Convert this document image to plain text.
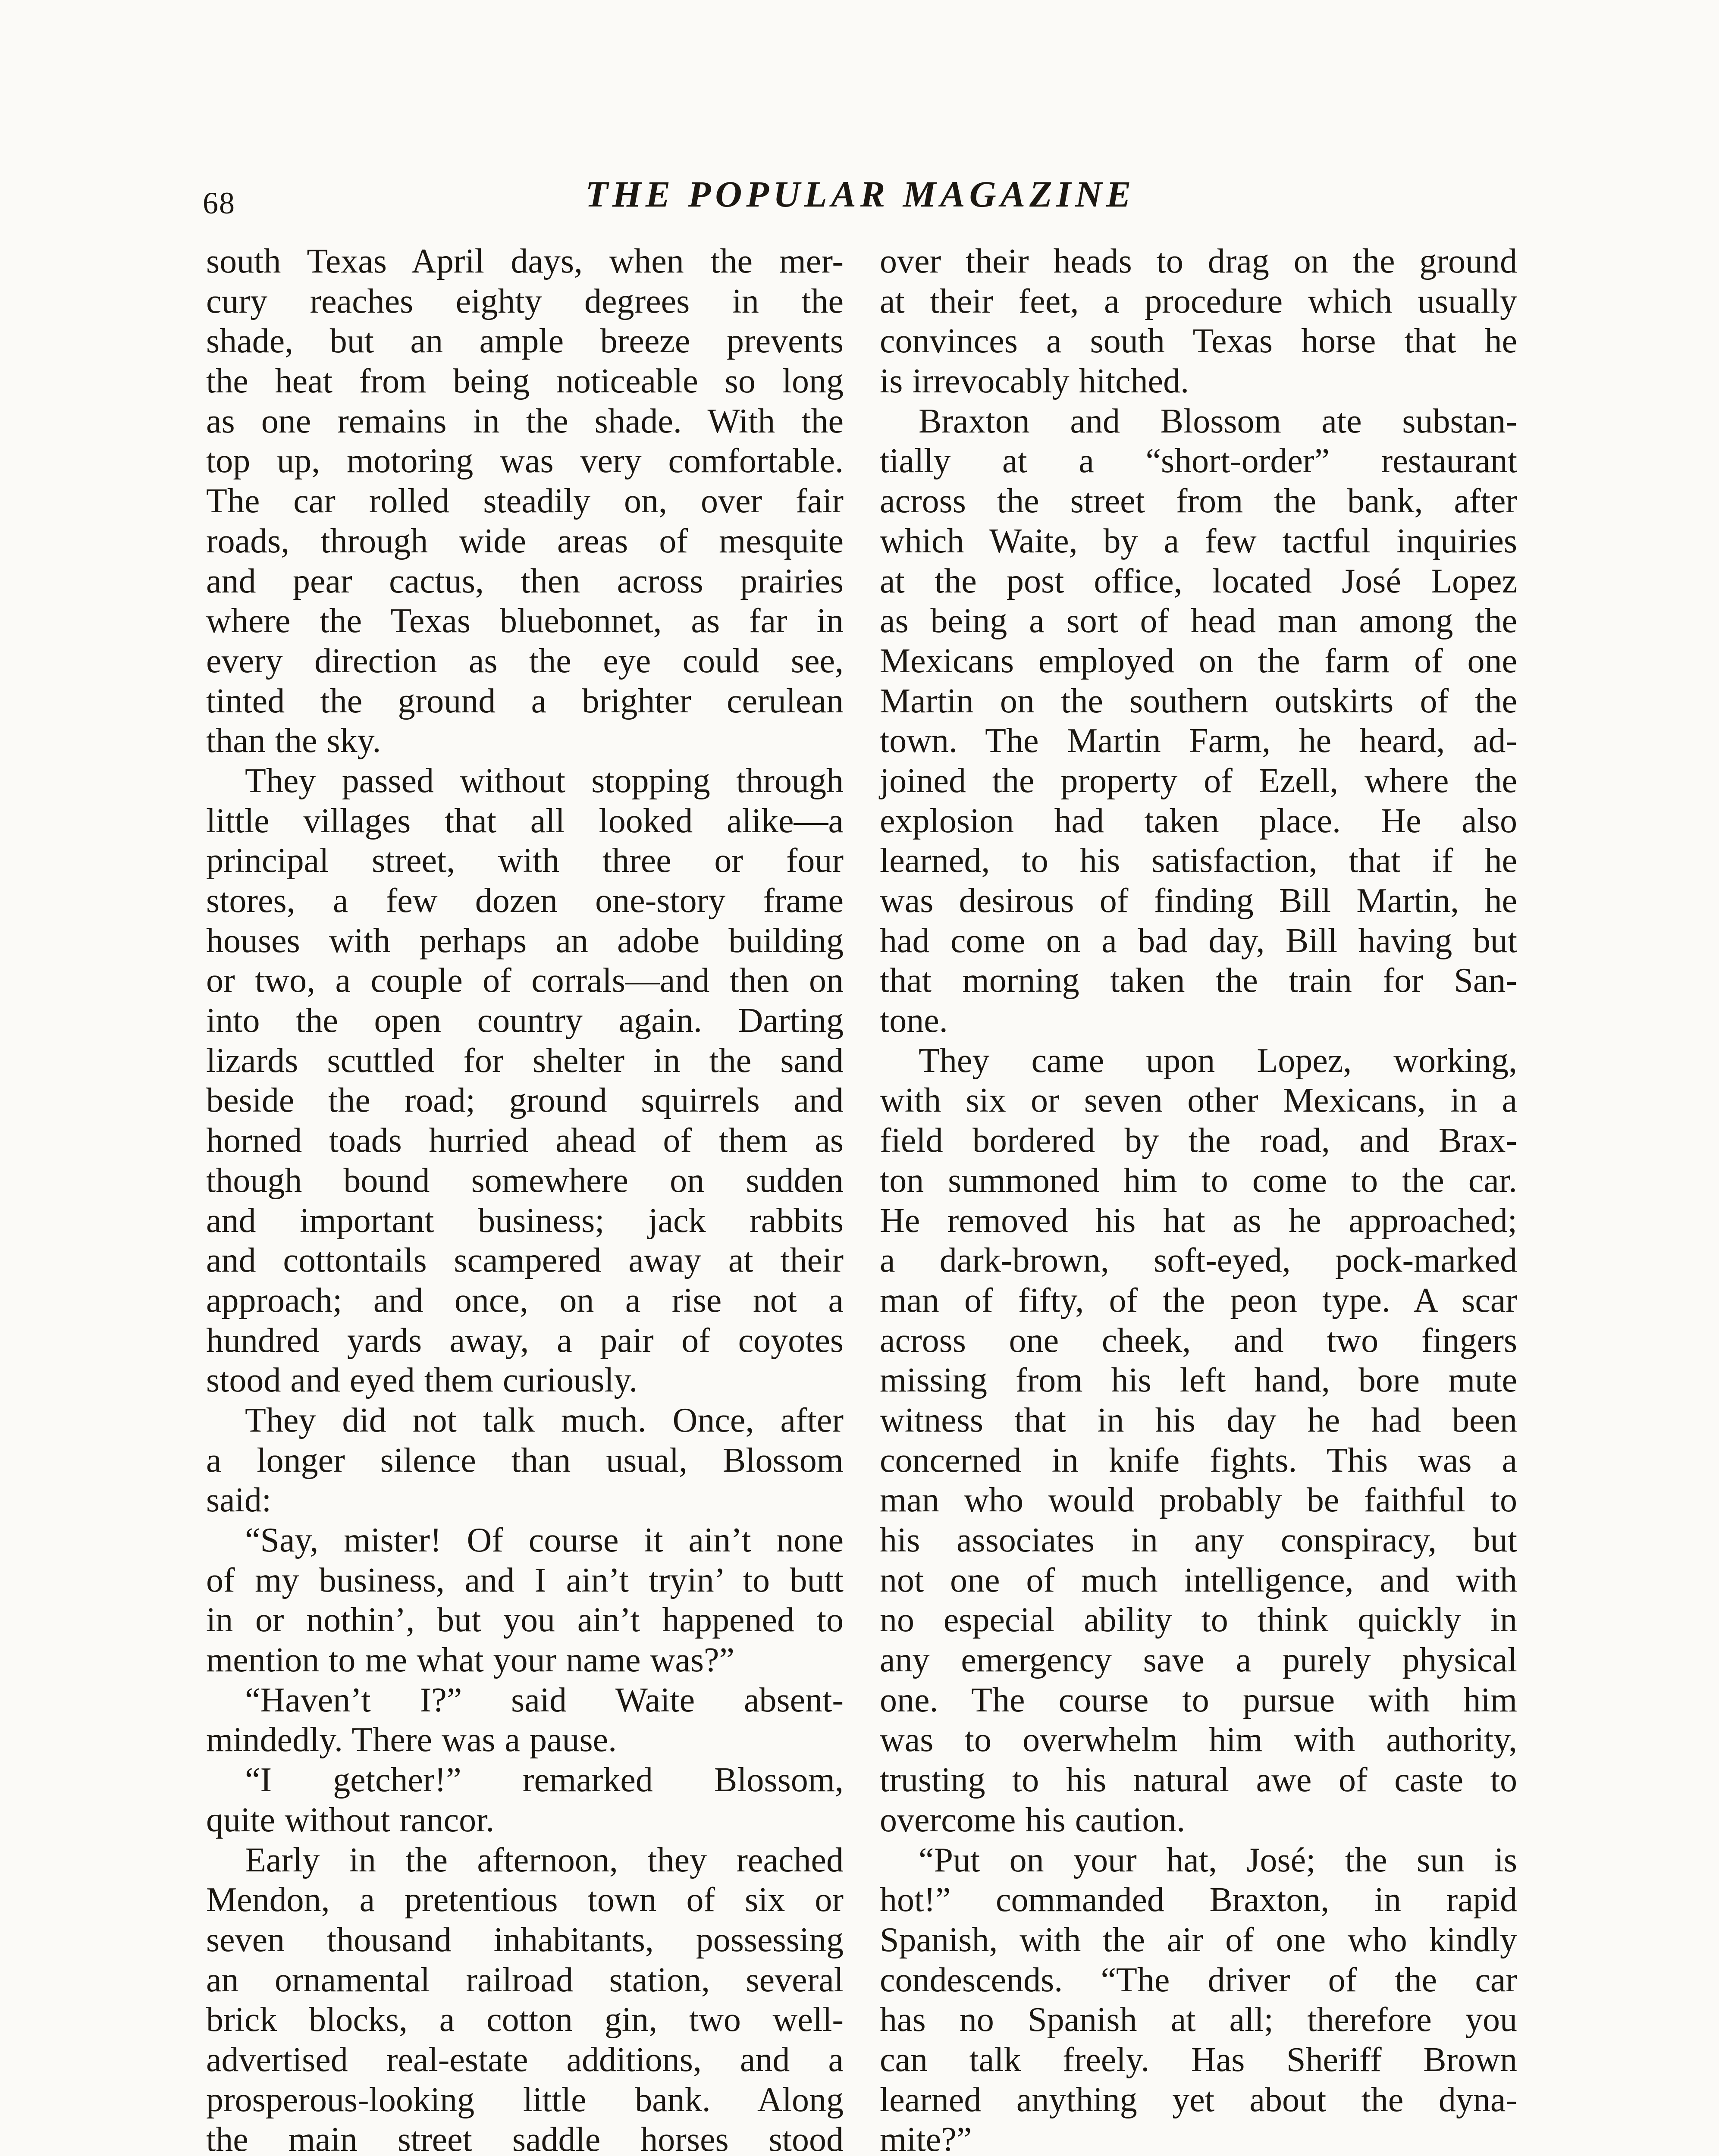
68	THE POPULAR MAGAZINE
south Texas April days, when the mer-
cury reaches eighty degrees in the
shade, but an ample breeze prevents
the heat from being noticeable so long
as one remains in the shade. With the
top up, motoring was very comfortable.
The car rolled steadily on, over fair
roads, through wide areas of mesquite
and pear cactus, then across prairies
where the Texas bluebonnet, as far in
every direction as the eye could see,
tinted the ground a brighter cerulean
than the sky.
They passed without stopping through
little villages that all looked alike—a
principal street, with three or four
stores, a few dozen one-story frame
houses with perhaps an adobe building
or two, a couple of corrals—and then on
into the open country again. Darting
lizards scuttled for shelter in the sand
beside the road; ground squirrels and
horned toads hurried ahead of them as
though bound somewhere on sudden
and important business; jack rabbits
and cottontails scampered away at their
approach; and once, on a rise not a
hundred yards away, a pair of coyotes
stood and eyed them curiously.
They did not talk much. Once, after
a longer silence than usual, Blossom
said:
“Say, mister! Of course it ain’t none
of my business, and I ain’t tryin’ to butt
in or nothin’, but you ain’t happened to
mention to me what your name was?”
“Haven’t I?” said Waite absent-
mindedly. There was a pause.
“I getcher!” remarked Blossom,
quite without rancor.
Early in the afternoon, they reached
Mendon, a pretentious town of six or
seven thousand inhabitants, possessing
an ornamental railroad station, several
brick blocks, a cotton gin, two well-
advertised real-estate additions, and a
prosperous-looking little bank. Along
the main street saddle horses stood
over their heads to drag on the ground
at their feet, a procedure which usually
convinces a south Texas horse that he
is irrevocably hitched.
Braxton and Blossom ate substan-
tially at a “short-order” restaurant
across the street from the bank, after
which Waite, by a few tactful inquiries
at the post office, located José Lopez
as being a sort of head man among the
Mexicans employed on the farm of one
Martin on the southern outskirts of the
town. The Martin Farm, he heard, ad-
joined the property of Ezell, where the
explosion had taken place. He also
learned, to his satisfaction, that if he
was desirous of finding Bill Martin, he
had come on a bad day, Bill having but
that morning taken the train for San-
tone.
They came upon Lopez, working,
with six or seven other Mexicans, in a
field bordered by the road, and Brax-
ton summoned him to come to the car.
He removed his hat as he approached;
a dark-brown, soft-eyed, pock-marked
man of fifty, of the peon type. A scar
across one cheek, and two fingers
missing from his left hand, bore mute
witness that in his day he had been
concerned in knife fights. This was a
man who would probably be faithful to
his associates in any conspiracy, but
not one of much intelligence, and with
no especial ability to think quickly in
any emergency save a purely physical
one. The course to pursue with him
was to overwhelm him with authority,
trusting to his natural awe of caste to
overcome his caution.
“Put on your hat, José; the sun is
hot!” commanded Braxton, in rapid
Spanish, with the air of one who kindly
condescends. “The driver of the car
has no Spanish at all; therefore you
can talk freely. Has Sheriff Brown
learned anything yet about the dyna-
mite?”
